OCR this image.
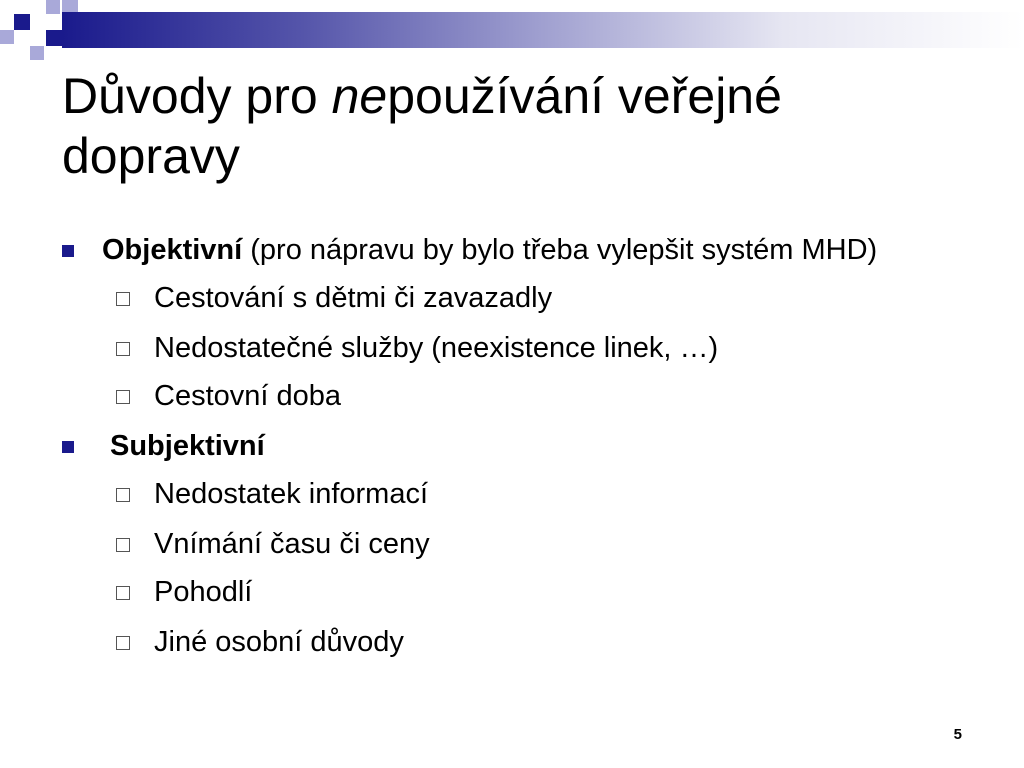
Důvody pro nepoužívání veřejné
dopravy
Objektivní (pro nápravu by bylo třeba vylepšit systém MHD)
Cestování s dětmi či zavazadly
Nedostatečné služby (neexistence linek, …)
Cestovní doba
Subjektivní
Nedostatek informací
Vnímání času či ceny
Pohodlí
Jiné osobní důvody
5
